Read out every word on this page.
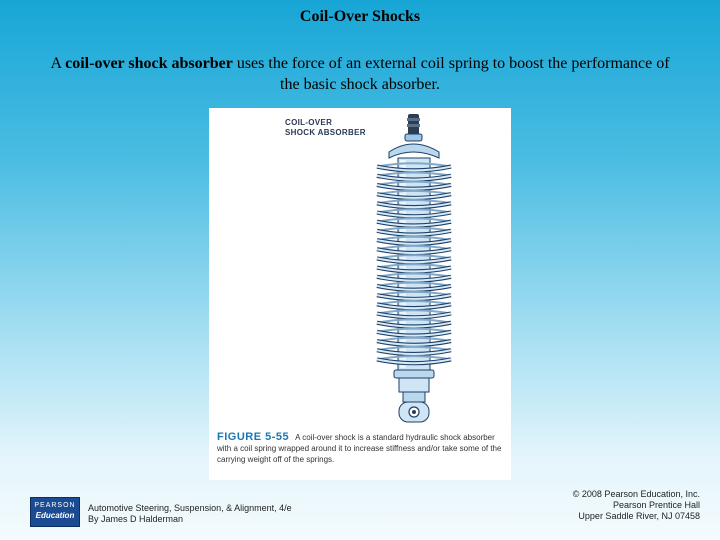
Coil-Over Shocks
A coil-over shock absorber uses the force of an external coil spring to boost the performance of the basic shock absorber.
COIL-OVER
SHOCK ABSORBER
FIGURE 5-55 A coil-over shock is a standard hydraulic shock absorber with a coil spring wrapped around it to increase stiffness and/or take some of the carrying weight off of the springs.
PEARSON
Education
Automotive Steering, Suspension, & Alignment, 4/e
By James D Halderman
© 2008 Pearson Education, Inc.
Pearson Prentice Hall
Upper Saddle River, NJ 07458
